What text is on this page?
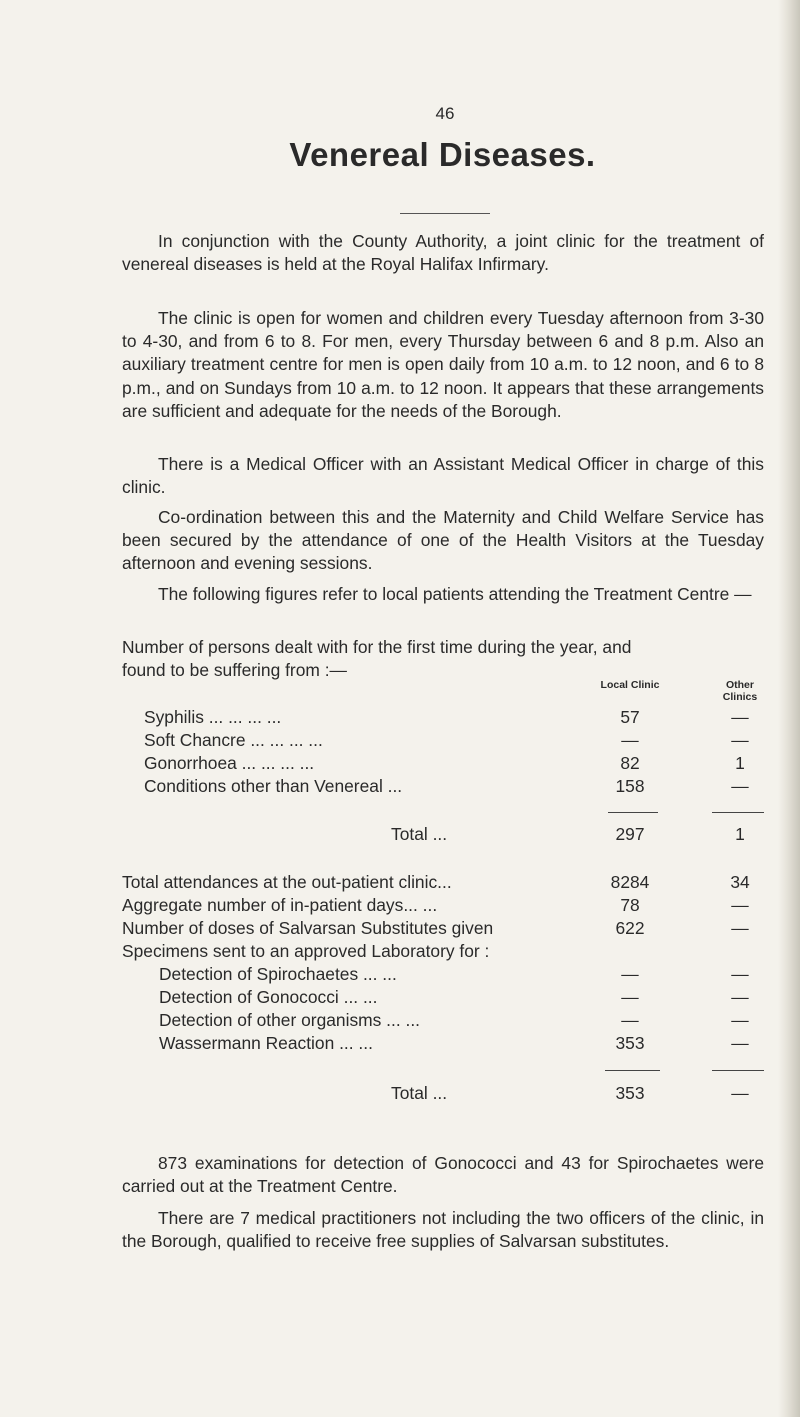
46
Venereal Diseases.

In conjunction with the County Authority, a joint clinic for the treatment of venereal diseases is held at the Royal Halifax Infirmary.

The clinic is open for women and children every Tuesday afternoon from 3-30 to 4-30, and from 6 to 8. For men, every Thursday between 6 and 8 p.m. Also an auxiliary treatment centre for men is open daily from 10 a.m. to 12 noon, and 6 to 8 p.m., and on Sundays from 10 a.m. to 12 noon. It appears that these arrangements are sufficient and adequate for the needs of the Borough.

There is a Medical Officer with an Assistant Medical Officer in charge of this clinic.

Co-ordination between this and the Maternity and Child Welfare Service has been secured by the attendance of one of the Health Visitors at the Tuesday afternoon and evening sessions.

The following figures refer to local patients attending the Treatment Centre —

Number of persons dealt with for the first time during the year, and found to be suffering from :—
Local Clinic	Other Clinics
Syphilis ... ... ... ...	57	—
Soft Chancre ... ... ... ...	—	—
Gonorrhoea ... ... ... ...	82	1
Conditions other than Venereal ...	158	—
Total ...	297	1
Total attendances at the out-patient clinic...	8284	34
Aggregate number of in-patient days... ...	78	—
Number of doses of Salvarsan Substitutes given	622	—
Specimens sent to an approved Laboratory for :
Detection of Spirochaetes ... ...	—	—
Detection of Gonococci ... ...	—	—
Detection of other organisms ... ...	—	—
Wassermann Reaction ... ...	353	—
Total ...	353	—

873 examinations for detection of Gonococci and 43 for Spirochaetes were carried out at the Treatment Centre.

There are 7 medical practitioners not including the two officers of the clinic, in the Borough, qualified to receive free supplies of Salvarsan substitutes.
